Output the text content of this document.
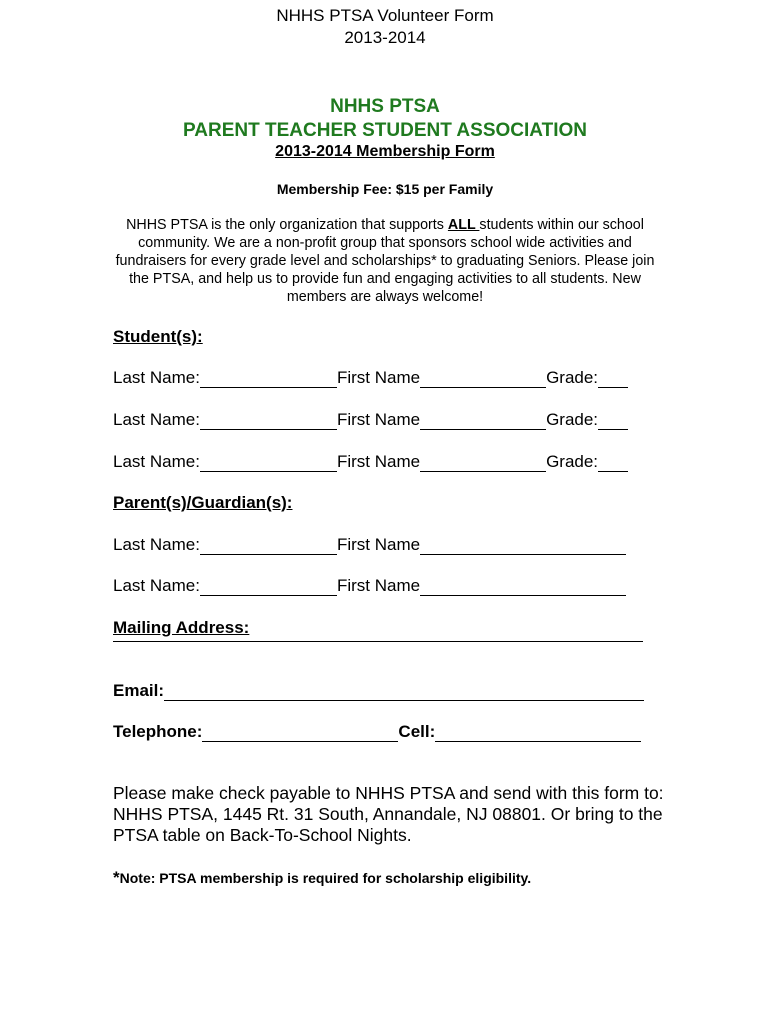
NHHS PTSA Volunteer Form
2013-2014
NHHS PTSA
PARENT TEACHER STUDENT ASSOCIATION
2013-2014 Membership Form
Membership Fee: $15 per Family
NHHS PTSA is the only organization that supports ALL students within our school community. We are a non-profit group that sponsors school wide activities and fundraisers for every grade level and scholarships* to graduating Seniors. Please join the PTSA, and help us to provide fun and engaging activities to all students. New members are always welcome!
Student(s):
Last Name:	First Name	Grade:
Last Name:	First Name	Grade:
Last Name:	First Name	Grade:
Parent(s)/Guardian(s):
Last Name:	First Name
Last Name:	First Name
Mailing Address:
Email:
Telephone:	Cell:
Please make check payable to NHHS PTSA and send with this form to: NHHS PTSA, 1445 Rt. 31 South, Annandale, NJ 08801. Or bring to the PTSA table on Back-To-School Nights.
*Note: PTSA membership is required for scholarship eligibility.
